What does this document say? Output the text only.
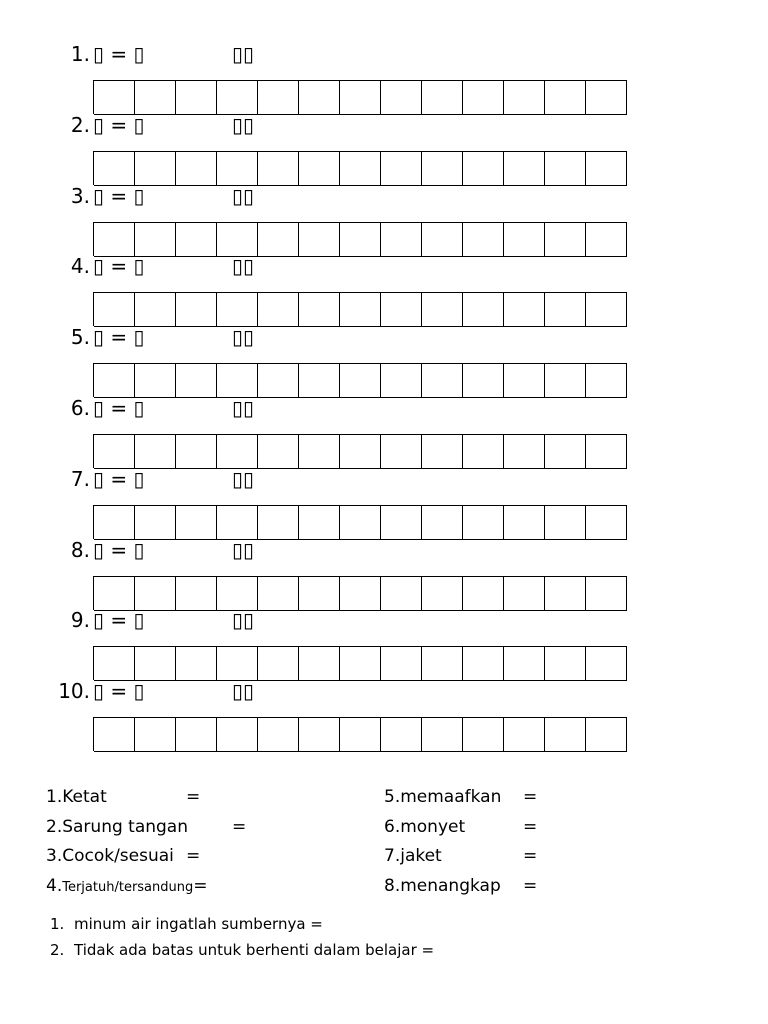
1. ▯ = ▯	▯▯
2. ▯ = ▯	▯▯
3. ▯ = ▯	▯▯
4. ▯ = ▯	▯▯
5. ▯ = ▯	▯▯
6. ▯ = ▯	▯▯
7. ▯ = ▯	▯▯
8. ▯ = ▯	▯▯
9. ▯ = ▯	▯▯
10. ▯ = ▯	▯▯
1.Ketat	=
2.Sarung tangan	=
3.Cocok/sesuai =
4.Terjatuh/tersandung=
5.memaafkan =
6.monyet	=
7.jaket	=
8.menangkap =
1. minum air ingatlah sumbernya =
2. Tidak ada batas untuk berhenti dalam belajar =
